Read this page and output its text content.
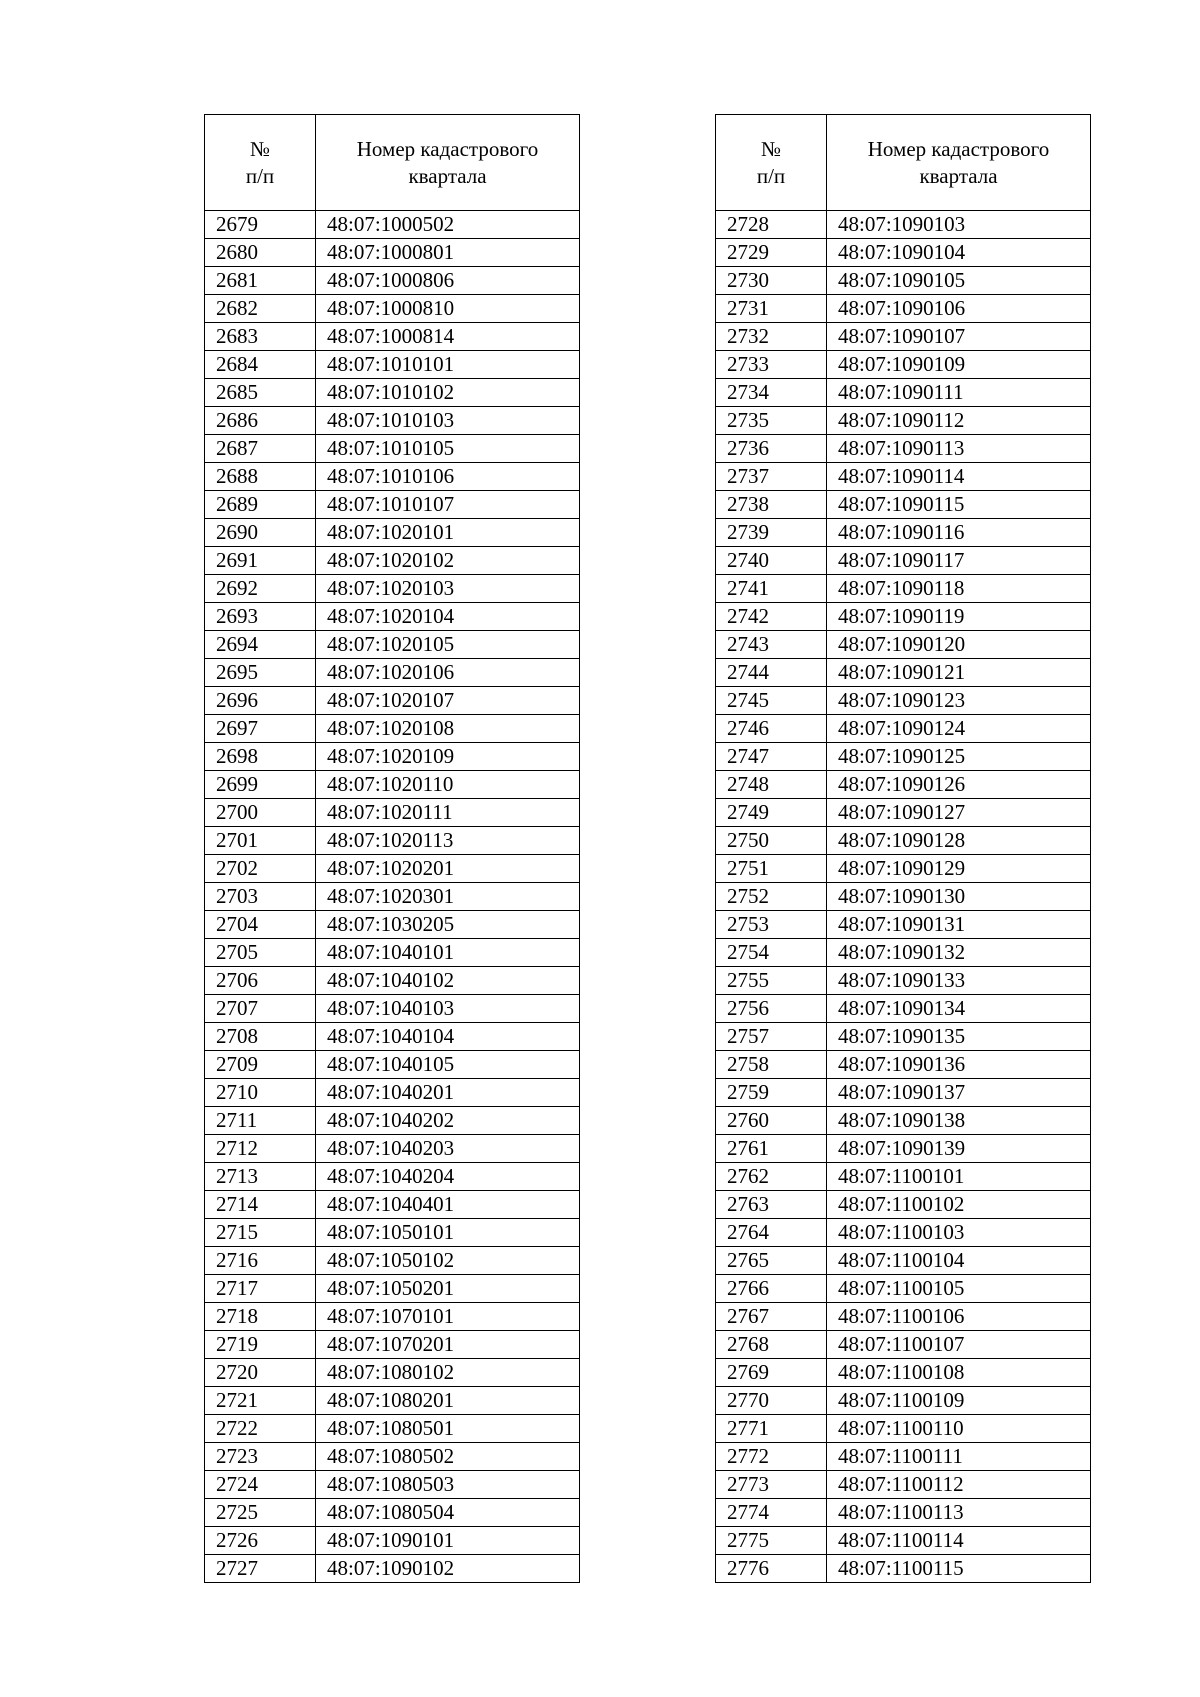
№
п/п	Номер кадастрового
квартала

2679	48:07:1000502
2680	48:07:1000801
2681	48:07:1000806
2682	48:07:1000810
2683	48:07:1000814
2684	48:07:1010101
2685	48:07:1010102
2686	48:07:1010103
2687	48:07:1010105
2688	48:07:1010106
2689	48:07:1010107
2690	48:07:1020101
2691	48:07:1020102
2692	48:07:1020103
2693	48:07:1020104
2694	48:07:1020105
2695	48:07:1020106
2696	48:07:1020107
2697	48:07:1020108
2698	48:07:1020109
2699	48:07:1020110
2700	48:07:1020111
2701	48:07:1020113
2702	48:07:1020201
2703	48:07:1020301
2704	48:07:1030205
2705	48:07:1040101
2706	48:07:1040102
2707	48:07:1040103
2708	48:07:1040104
2709	48:07:1040105
2710	48:07:1040201
2711	48:07:1040202
2712	48:07:1040203
2713	48:07:1040204
2714	48:07:1040401
2715	48:07:1050101
2716	48:07:1050102
2717	48:07:1050201
2718	48:07:1070101
2719	48:07:1070201
2720	48:07:1080102
2721	48:07:1080201
2722	48:07:1080501
2723	48:07:1080502
2724	48:07:1080503
2725	48:07:1080504
2726	48:07:1090101
2727	48:07:1090102
№
п/п	Номер кадастрового
квартала

2728	48:07:1090103
2729	48:07:1090104
2730	48:07:1090105
2731	48:07:1090106
2732	48:07:1090107
2733	48:07:1090109
2734	48:07:1090111
2735	48:07:1090112
2736	48:07:1090113
2737	48:07:1090114
2738	48:07:1090115
2739	48:07:1090116
2740	48:07:1090117
2741	48:07:1090118
2742	48:07:1090119
2743	48:07:1090120
2744	48:07:1090121
2745	48:07:1090123
2746	48:07:1090124
2747	48:07:1090125
2748	48:07:1090126
2749	48:07:1090127
2750	48:07:1090128
2751	48:07:1090129
2752	48:07:1090130
2753	48:07:1090131
2754	48:07:1090132
2755	48:07:1090133
2756	48:07:1090134
2757	48:07:1090135
2758	48:07:1090136
2759	48:07:1090137
2760	48:07:1090138
2761	48:07:1090139
2762	48:07:1100101
2763	48:07:1100102
2764	48:07:1100103
2765	48:07:1100104
2766	48:07:1100105
2767	48:07:1100106
2768	48:07:1100107
2769	48:07:1100108
2770	48:07:1100109
2771	48:07:1100110
2772	48:07:1100111
2773	48:07:1100112
2774	48:07:1100113
2775	48:07:1100114
2776	48:07:1100115
